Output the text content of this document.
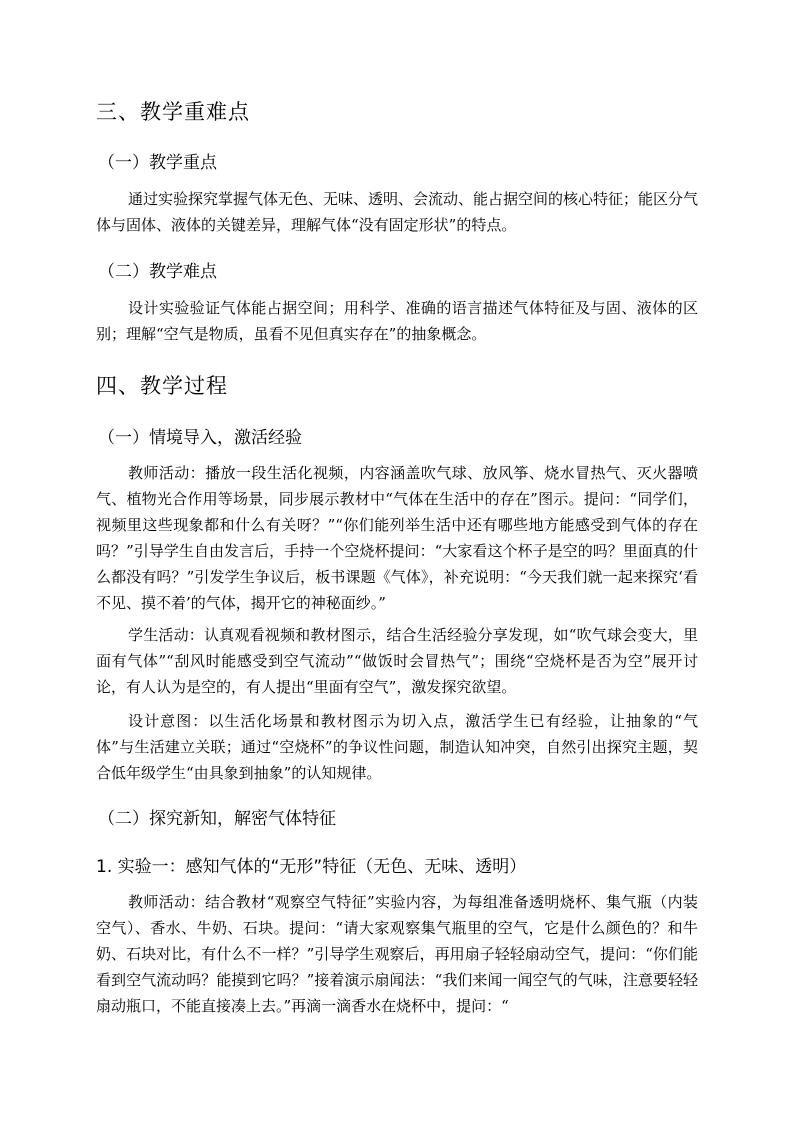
三、教学重难点
（一）教学重点

通过实验探究掌握气体无色、无味、透明、会流动、能占据空间的核心特征；能区分气体与固体、液体的关键差异，理解气体“没有固定形状”的特点。

（二）教学难点

设计实验验证气体能占据空间；用科学、准确的语言描述气体特征及与固、液体的区别；理解“空气是物质，虽看不见但真实存在”的抽象概念。

四、教学过程
（一）情境导入，激活经验

教师活动：播放一段生活化视频，内容涵盖吹气球、放风筝、烧水冒热气、灭火器喷气、植物光合作用等场景，同步展示教材中“气体在生活中的存在”图示。提问：“同学们，视频里这些现象都和什么有关呀？”“你们能列举生活中还有哪些地方能感受到气体的存在吗？”引导学生自由发言后，手持一个空烧杯提问：“大家看这个杯子是空的吗？里面真的什么都没有吗？”引发学生争议后，板书课题《气体》，补充说明：“今天我们就一起来探究‘看不见、摸不着’的气体，揭开它的神秘面纱。”

学生活动：认真观看视频和教材图示，结合生活经验分享发现，如“吹气球会变大，里面有气体”“刮风时能感受到空气流动”“做饭时会冒热气”；围绕“空烧杯是否为空”展开讨论，有人认为是空的，有人提出“里面有空气”，激发探究欲望。

设计意图：以生活化场景和教材图示为切入点，激活学生已有经验，让抽象的“气体”与生活建立关联；通过“空烧杯”的争议性问题，制造认知冲突，自然引出探究主题，契合低年级学生“由具象到抽象”的认知规律。

（二）探究新知，解密气体特征
1. 实验一：感知气体的“无形”特征（无色、无味、透明）

教师活动：结合教材“观察空气特征”实验内容，为每组准备透明烧杯、集气瓶（内装空气）、香水、牛奶、石块。提问：“请大家观察集气瓶里的空气，它是什么颜色的？和牛奶、石块对比，有什么不一样？”引导学生观察后，再用扇子轻轻扇动空气，提问：“你们能看到空气流动吗？能摸到它吗？”接着演示扇闻法：“我们来闻一闻空气的气味，注意要轻轻扇动瓶口，不能直接凑上去。”再滴一滴香水在烧杯中，提问：“
